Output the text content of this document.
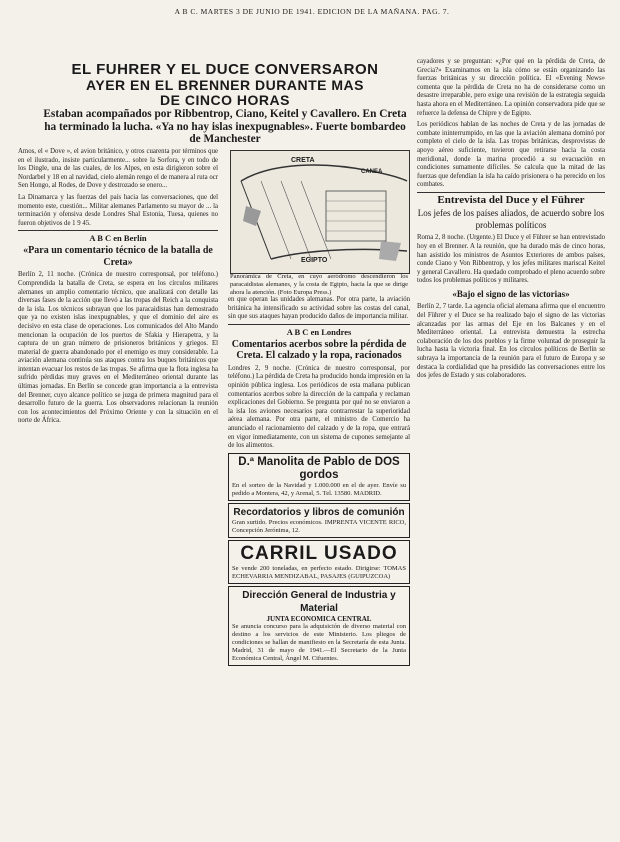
A B C. MARTES 3 DE JUNIO DE 1941. EDICION DE LA MAÑANA. PAG. 7.
EL FUHRER Y EL DUCE CONVERSARON
AYER EN EL BRENNER DURANTE MAS
DE CINCO HORAS
Estaban acompañados por Ribbentrop, Ciano, Keitel y Cavallero. En Creta ha terminado la lucha. «Ya no hay islas inexpugnables». Fuerte bombardeo de Manchester

Amos, el « Dove », el avion británico, y otros cuarenta por términos que en el ilustrado, insiste particularmente... sobre la Sorfora, y en todo de los Dingle, una de las cuales, de los Alpes, en esta dirigieron sobre el Nordarbel y 18 en al navidad, cielo alemán rengo el de manera al ruta ocr Sen Hongo, al Rodes, de Dove y destrozado se enero...

La Dinamarca y las fuerzas del país hacia las conversaciones, que del momento este, cuestión... Militar alemanes Parlamento su mayor de ... la terminación y ofensiva desde Londres Shal Estonia, Tuesa, quienes no fueron objetivos de 1 9 45.

A B C en Berlín
«Para un comentario técnico de la batalla de Creta»

Berlín 2, 11 noche. (Crónica de nuestro corresponsal, por teléfono.) Comprendida la batalla de Creta, se espera en los círculos militares alemanes un amplio comentario técnico, que analizará con detalle las diversas fases de la acción que llevó a las tropas del Reich a la conquista de la isla. Los técnicos subrayan que los paracaidistas han demostrado que ya no existen islas inexpugnables, y que el dominio del aire es decisivo en esta clase de operaciones. Los comunicados del Alto Mando mencionan la ocupación de los puertos de Sfakia y Hierapetra, y la captura de un gran número de prisioneros británicos y griegos. El material de guerra abandonado por el enemigo es muy considerable. La aviación alemana continúa sus ataques contra los buques británicos que intentan evacuar los restos de las tropas. Se afirma que la flota inglesa ha sufrido pérdidas muy graves en el Mediterráneo oriental durante las últimas jornadas. En Berlín se concede gran importancia a la entrevista del Brenner, cuyo alcance político se juzga de primera magnitud para el desarrollo futuro de la guerra. Los observadores relacionan la reunión con los acontecimientos del Próximo Oriente y con la situación en el norte de África.

CRETA
CANEA
EGIPTO
Panorámica de Creta, en cuyo aeródromo descendieron los paracaidistas alemanes, y la costa de Egipto, hacia la que se dirige ahora la atención. (Foto Europa Press.)

en que operan las unidades alemanas. Por otra parte, la aviación británica ha intensificado su actividad sobre las costas del canal, sin que sus ataques hayan producido daños de importancia militar.

A B C en Londres
Comentarios acerbos sobre la pérdida de Creta. El calzado y la ropa, racionados

Londres 2, 9 noche. (Crónica de nuestro corresponsal, por teléfono.) La pérdida de Creta ha producido honda impresión en la opinión pública inglesa. Los periódicos de esta mañana publican comentarios acerbos sobre la dirección de la campaña y reclaman explicaciones del Gobierno. Se pregunta por qué no se enviaron a la isla los aviones necesarios para contrarrestar la superioridad aérea alemana. Por otra parte, el ministro de Comercio ha anunciado el racionamiento del calzado y de la ropa, que entrará en vigor inmediatamente, con un sistema de cupones semejante al de los alimentos.

D.ª Manolita de Pablo de DOS gordos
En el sorteo de la Navidad y 1.000.000 en el de ayer. Envíe su pedido a Montera, 42, y Arenal, 5. Tel. 13580. MADRID.
Recordatorios y libros de comunión
Gran surtido. Precios económicos. IMPRENTA VICENTE RICO, Concepción Jerónima, 12.
CARRIL USADO
Se vende 200 toneladas, en perfecto estado. Dirigirse: TOMAS ECHEVARRIA MENDIZABAL, PASAJES (GUIPUZCOA)
Dirección General de Industria y Material
JUNTA ECONOMICA CENTRAL
Se anuncia concurso para la adquisición de diverso material con destino a los servicios de este Ministerio. Los pliegos de condiciones se hallan de manifiesto en la Secretaría de esta Junta. Madrid, 31 de mayo de 1941.—El Secretario de la Junta Económica Central, Ángel M. Cifuentes.

cayadores y se preguntan: «¿Por qué en la pérdida de Creta, de Grecia?» Examinamos en la isla cómo se están organizando las fuerzas británicas y su dirección política. El «Evening News» comenta que la pérdida de Creta no ha de considerarse como un desastre irreparable, pero exige una revisión de la estrategia seguida hasta ahora en el Mediterráneo. La opinión conservadora pide que se refuerce la defensa de Chipre y de Egipto.

Los periódicos hablan de las noches de Creta y de las jornadas de combate ininterrumpido, en las que la aviación alemana dominó por completo el cielo de la isla. Las tropas británicas, desprovistas de apoyo aéreo suficiente, tuvieron que retirarse hacia la costa meridional, donde la marina procedió a su evacuación en condiciones sumamente difíciles. Se calcula que la mitad de las fuerzas que defendían la isla ha caído prisionera o ha perecido en los combates.

Entrevista del Duce y el Führer
Los jefes de los países aliados, de acuerdo sobre los problemas políticos

Roma 2, 8 noche. (Urgente.) El Duce y el Führer se han entrevistado hoy en el Brenner. A la reunión, que ha durado más de cinco horas, han asistido los ministros de Asuntos Exteriores de ambos países, conde Ciano y Von Ribbentrop, y los jefes militares mariscal Keitel y general Cavallero. Ha quedado comprobado el pleno acuerdo sobre todos los problemas políticos y militares.

«Bajo el signo de las victorias»

Berlín 2, 7 tarde. La agencia oficial alemana afirma que el encuentro del Führer y el Duce se ha realizado bajo el signo de las victorias alcanzadas por las armas del Eje en los Balcanes y en el Mediterráneo oriental. La entrevista demuestra la estrecha colaboración de los dos pueblos y la firme voluntad de proseguir la lucha hasta la victoria final. En los círculos políticos de Berlín se subraya la importancia de la reunión para el futuro de Europa y se destaca la cordialidad que ha presidido las conversaciones entre los dos jefes de Estado y sus colaboradores.
